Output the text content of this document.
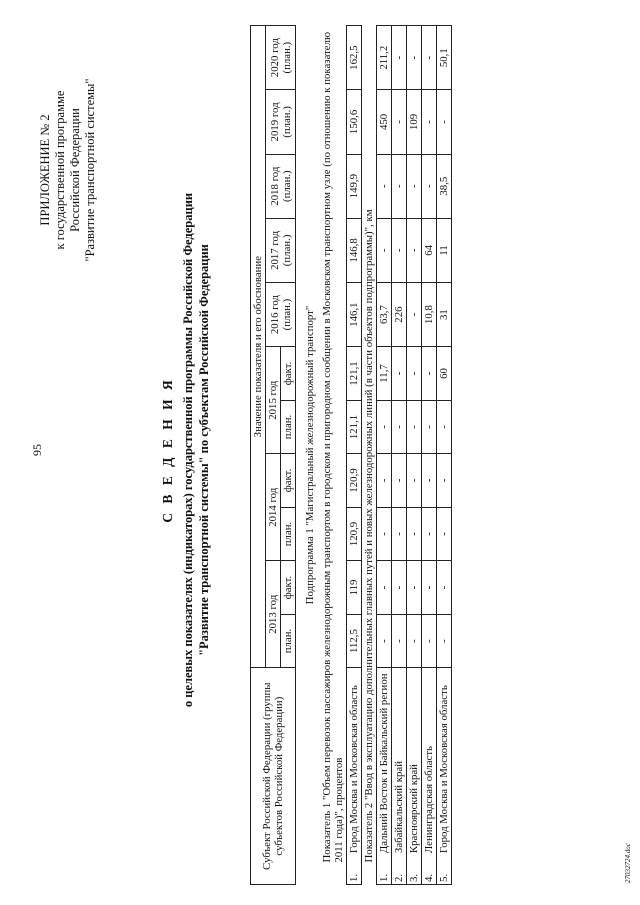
95
ПРИЛОЖЕНИЕ № 2 к государственной программе Российской Федерации "Развитие транспортной системы"
С В Е Д Е Н И Я о целевых показателях (индикаторах) государственной программы Российской Федерации "Развитие транспортной системы" по субъектам Российской Федерации
Субъект Российской Федерации (группы субъектов Российской Федерации)		Значение показателя и его обоснование										
		2013 год		2014 год		2015 год		2016 год (план.)	2017 год (план.)	2018 год (план.)	2019 год (план.)	2020 год (план.)
		план.	факт.	план.	факт.	план.	факт.					
Подпрограмма 1 "Магистральный железнодорожный транспорт"												
Показатель 1 "Объем перевозок пассажиров железнодорожным транспортом в городском и пригородном сообщении в Московском транспортном узле (по отношению к показателю 2011 года)", процентов												
1.	Город Москва и Московская область	112,5	119	120,9	120,9	121,1	121,1	146,1	146,8	149,9	150,6	162,5
Показатель 2 "Ввод в эксплуатацию дополнительных главных путей и новых железнодорожных линий (в части объектов подпрограммы)", км												
1.	Дальний Восток и Байкальский регион	-	-	-	-	-	11,7	63,7	-	-	450	211,2
2.	Забайкальский край	-	-	-	-	-	-	226	-	-	-	-
3.	Красноярский край	-	-	-	-	-	-	-	-	-	109	-
4.	Ленинградская область	-	-	-	-	-	-	10,8	64	-	-	-
5.	Город Москва и Московская область	-	-	-	-	-	60	31	11	38,5	-	50,1
27032724.doc
